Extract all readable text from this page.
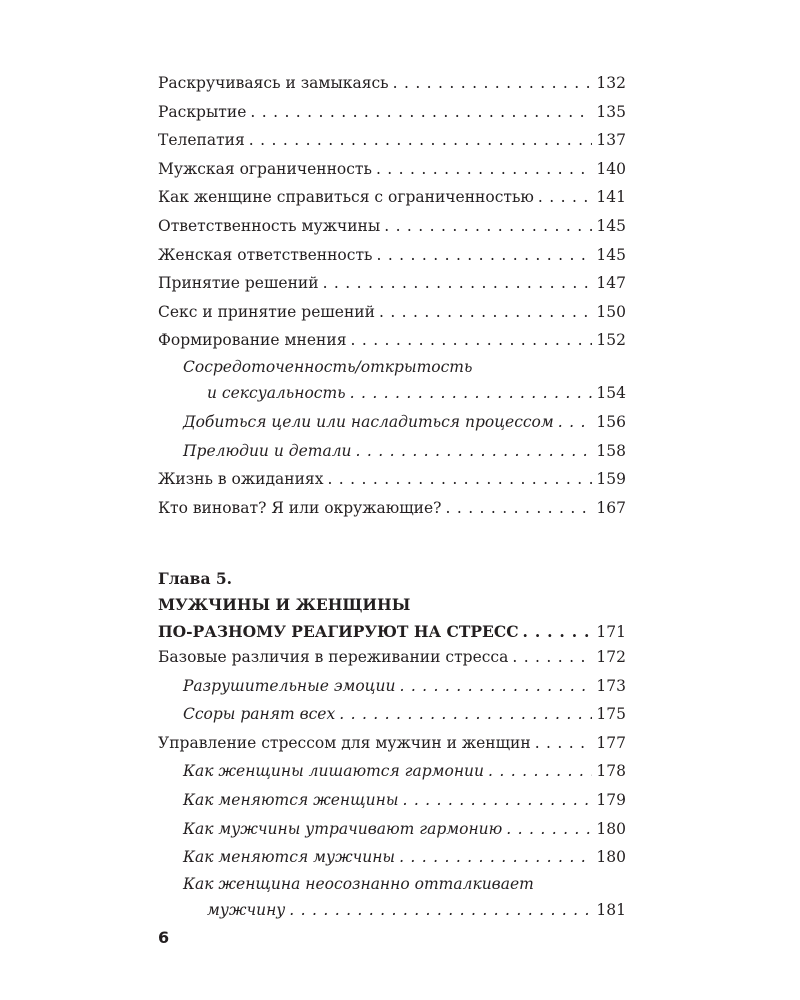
Раскручиваясь и замыкаясь . . .	132
Раскрытие . . .	135
Телепатия . . .	137
Мужская ограниченность . . .	140
Как женщине справиться с ограниченностью . . .	141
Ответственность мужчины . . .	145
Женская ответственность . . .	145
Принятие решений . . .	147
Секс и принятие решений . . .	150
Формирование мнения . . .	152
Сосредоточенность/открытость
и сексуальность . . .	154
Добиться цели или насладиться процессом . . .	156
Прелюдии и детали . . .	158
Жизнь в ожиданиях . . .	159
Кто виноват? Я или окружающие? . . .	167
Глава 5.
МУЖЧИНЫ И ЖЕНЩИНЫ
ПО-РАЗНОМУ РЕАГИРУЮТ НА СТРЕСС . . .	171
Базовые различия в переживании стресса . . .	172
Разрушительные эмоции . . .	173
Ссоры ранят всех . . .	175
Управление стрессом для мужчин и женщин . . .	177
Как женщины лишаются гармонии . . .	178
Как меняются женщины . . .	179
Как мужчины утрачивают гармонию . . .	180
Как меняются мужчины . . .	180
Как женщина неосознанно отталкивает
мужчину . . .	181
6
